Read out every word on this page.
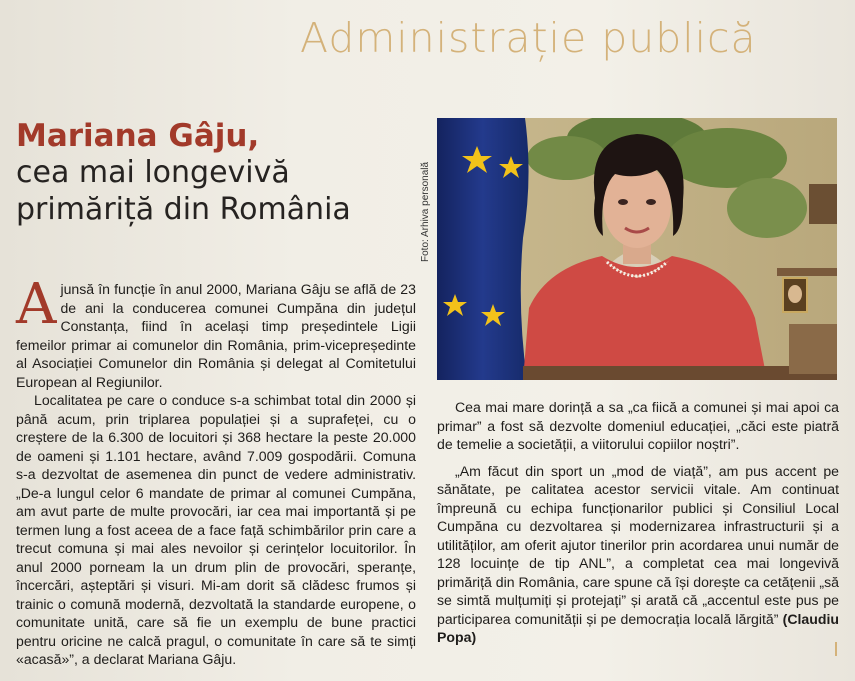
Administrație publică
Mariana Gâju,
cea mai longevivă
primăriță din România

Ajunsă în funcție în anul 2000, Mariana Gâju se află de 23 de ani la conducerea comunei Cumpăna din județul Constanța, fiind în același timp președintele Ligii femeilor primar ai comunelor din România, prim-vicepreședinte al Asociației Comunelor din România și delegat al Comitetului European al Regiunilor.

Localitatea pe care o conduce s-a schimbat total din 2000 și până acum, prin triplarea populației și a suprafeței, cu o creștere de la 6.300 de locuitori și 368 hectare la peste 20.000 de oameni și 1.101 hectare, având 7.009 gospodării. Comuna s-a dezvoltat de asemenea din punct de vedere administrativ. „De-a lungul celor 6 mandate de primar al comunei Cumpăna, am avut parte de multe provocări, iar cea mai importantă și pe termen lung a fost aceea de a face față schimbărilor prin care a trecut comuna și mai ales nevoilor și cerințelor locuitorilor. În anul 2000 porneam la un drum plin de provocări, speranțe, încercări, așteptări și visuri. Mi-am dorit să clădesc frumos și trainic o comună modernă, dezvoltată la standarde europene, o comunitate unită, care să fie un exemplu de bune practici pentru oricine ne calcă pragul, o comunitate în care să te simți «acasă»”, a declarat Mariana Gâju.

Foto: Arhiva personală

Cea mai mare dorință a sa „ca fiică a comunei și mai apoi ca primar” a fost să dezvolte domeniul educației, „căci este piatră de temelie a societății, a viitorului copiilor noștri”.

„Am făcut din sport un „mod de viață”, am pus accent pe sănătate, pe calitatea acestor servicii vitale. Am continuat împreună cu echipa funcționarilor publici și Consiliul Local Cumpăna cu dezvoltarea și modernizarea infrastructurii și a utilităților, am oferit ajutor tinerilor prin acordarea unui număr de 128 locuințe de tip ANL”, a completat cea mai longevivă primăriță din România, care spune că își dorește ca cetățenii „să se simtă mulțumiți și protejați” și arată că „accentul este pus pe participarea comunității și pe democrația locală lărgită” (Claudiu Popa)
